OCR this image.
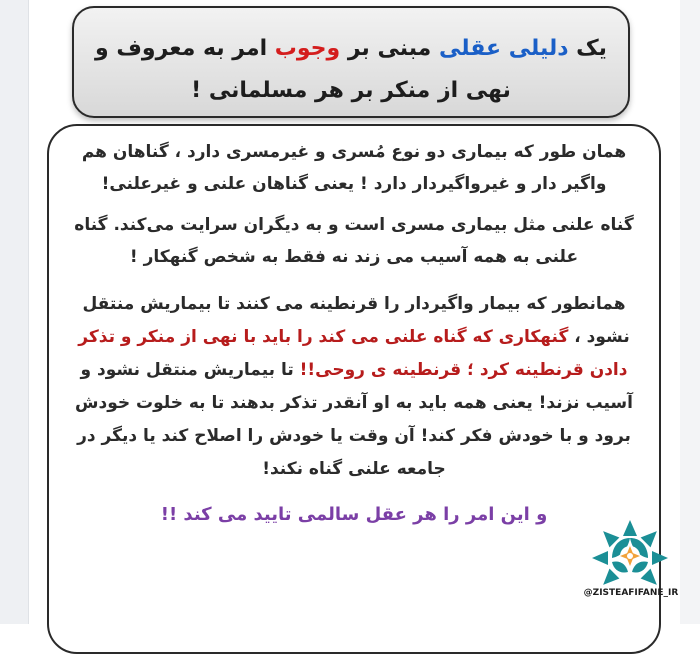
یک دلیلی عقلی مبنی بر وجوب امر به معروف و نهی از منکر بر هر مسلمانی !

همان طور که بیماری دو نوع مُسری و غیرمسری دارد ، گناهان هم واگیر دار و غیرواگیردار دارد ! یعنی گناهان علنی و غیرعلنی!

گناه علنی مثل بیماری مسری است و به دیگران سرایت می‌کند. گناه علنی به همه آسیب می زند نه فقط به شخص گنهکار !

همانطور که بیمار واگیردار را قرنطینه می کنند تا بیماریش منتقل نشود ، گنهکاری که گناه علنی می کند را باید با نهی از منکر و تذکر دادن قرنطینه کرد ؛ قرنطینه ی روحی!! تا بیماریش منتقل نشود و آسیب نزند! یعنی همه باید به او آنقدر تذکر بدهند تا به خلوت خودش برود و با خودش فکر کند! آن وقت یا خودش را اصلاح کند یا دیگر در جامعه علنی گناه نکند!

و این امر را هر عقل سالمی تایید می کند !!

@ZISTEAFIFANE_IR
